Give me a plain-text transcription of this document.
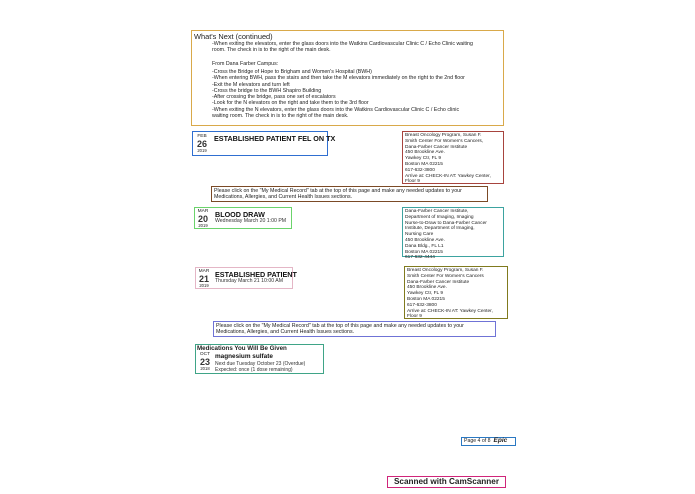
What's Next (continued)
-When exiting the elevators, enter the glass doors into the Watkins Cardiovascular Clinic C / Echo Clinic waiting
room. The check in is to the right of the main desk.
From Dana Farber Campus:
-Cross the Bridge of Hope to Brigham and Women's Hospital (BWH)
-When entering BWH, pass the stairs and then take the M elevators immediately on the right to the 2nd floor
-Exit the M elevators and turn left
-Cross the bridge to the BWH Shapiro Building
-After crossing the bridge, pass one set of escalators
-Look for the N elevators on the right and take them to the 3rd floor
-When exiting the N elevators, enter the glass doors into the Watkins Cardiovascular Clinic C / Echo clinic
waiting room. The check in is to the right of the main desk.
FEB
26
2019
ESTABLISHED PATIENT FEL ON TX	Breast Oncology Program, Susan F.
Smith Center For Women's Cancers,
Dana-Farber Cancer Institute
450 Brookline Ave.
Yawkey Ctr, FL 9
Boston MA 02215
617-632-3800
Arrive at: CHECK-IN AT: Yawkey Center,
Floor 9
Please click on the "My Medical Record" tab at the top of this page and make any needed updates to your
Medications, Allergies, and Current Health Issues sections.
MAR
20
2019
BLOOD DRAW
Wednesday March 20 1:00 PM
Dana-Farber Cancer Institute,
Department of Imaging, Imaging
Nurse-to-Draw to Dana-Farber Cancer
Institute, Department of Imaging,
Nursing Care
450 Brookline Ave.
Dana Bldg., FL L1
Boston MA 02215
617-632-4444
MAR
21
2019
ESTABLISHED PATIENT
Thursday March 21 10:00 AM
Breast Oncology Program, Susan F.
Smith Center For Women's Cancers
Dana-Farber Cancer Institute
450 Brookline Ave.
Yawkey Ctr, FL 9
Boston MA 02215
617-632-3800
Arrive at: CHECK-IN AT: Yawkey Center,
Floor 9
Please click on the "My Medical Record" tab at the top of this page and make any needed updates to your
Medications, Allergies, and Current Health Issues sections.
Medications You Will Be Given
OCT
23
2018
magnesium sulfate
Next due Tuesday October 23 (Overdue)
Expected: once (1 dose remaining)
Page 4 of 8 Epic
Scanned with CamScanner
